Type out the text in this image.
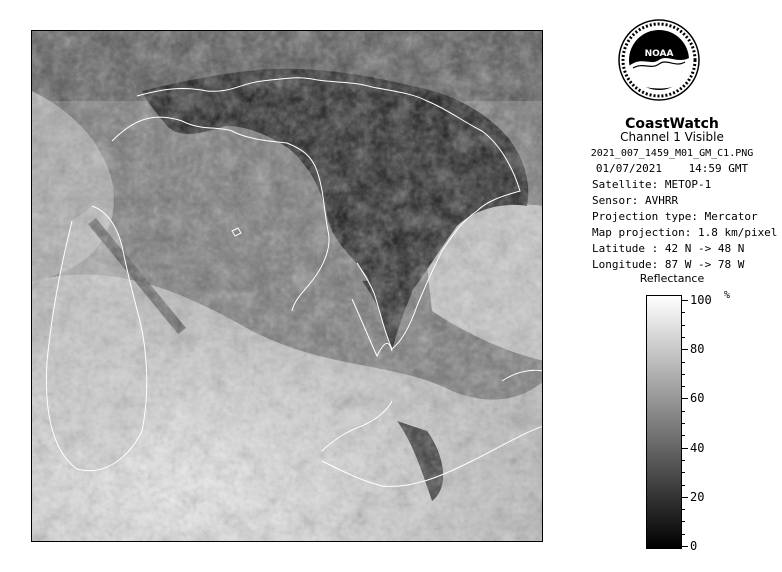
NOAA
CoastWatch
Channel 1 Visible
2021_007_1459_M01_GM_C1.PNG
01/07/2021 14:59 GMT
Satellite: METOP-1
Sensor: AVHRR
Projection type: Mercator
Map projection: 1.8 km/pixel
Latitude : 42 N -> 48 N
Longitude: 87 W -> 78 W
Reflectance
%
100
80
60
40
20
0
